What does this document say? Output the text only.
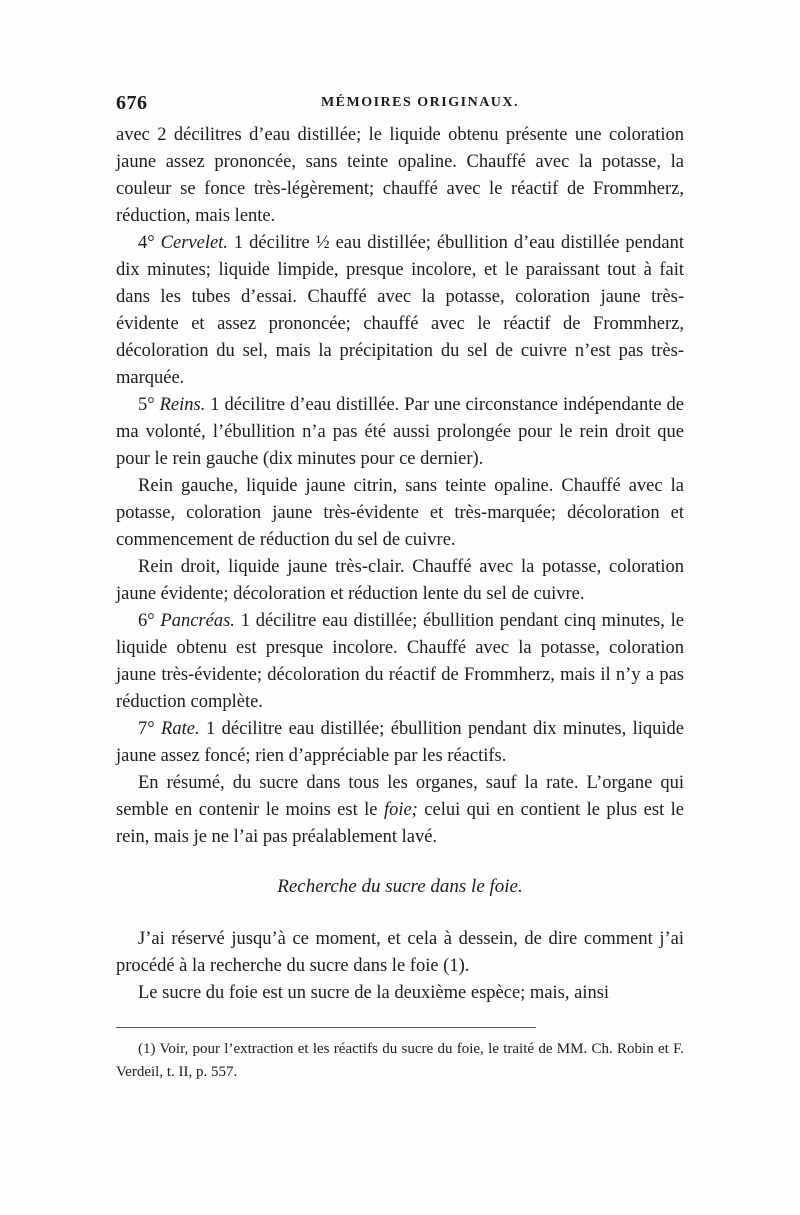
676	MÉMOIRES ORIGINAUX.

avec 2 décilitres d’eau distillée; le liquide obtenu présente une coloration jaune assez prononcée, sans teinte opaline. Chauffé avec la potasse, la couleur se fonce très-légèrement; chauffé avec le réactif de Frommherz, réduction, mais lente.

4° Cervelet. 1 décilitre ½ eau distillée; ébullition d’eau distillée pendant dix minutes; liquide limpide, presque incolore, et le paraissant tout à fait dans les tubes d’essai. Chauffé avec la potasse, coloration jaune très-évidente et assez prononcée; chauffé avec le réactif de Frommherz, décoloration du sel, mais la précipitation du sel de cuivre n’est pas très-marquée.

5° Reins. 1 décilitre d’eau distillée. Par une circonstance indépendante de ma volonté, l’ébullition n’a pas été aussi prolongée pour le rein droit que pour le rein gauche (dix minutes pour ce dernier).

Rein gauche, liquide jaune citrin, sans teinte opaline. Chauffé avec la potasse, coloration jaune très-évidente et très-marquée; décoloration et commencement de réduction du sel de cuivre.

Rein droit, liquide jaune très-clair. Chauffé avec la potasse, coloration jaune évidente; décoloration et réduction lente du sel de cuivre.

6° Pancréas. 1 décilitre eau distillée; ébullition pendant cinq minutes, le liquide obtenu est presque incolore. Chauffé avec la potasse, coloration jaune très-évidente; décoloration du réactif de Frommherz, mais il n’y a pas réduction complète.

7° Rate. 1 décilitre eau distillée; ébullition pendant dix minutes, liquide jaune assez foncé; rien d’appréciable par les réactifs.

En résumé, du sucre dans tous les organes, sauf la rate. L’organe qui semble en contenir le moins est le foie; celui qui en contient le plus est le rein, mais je ne l’ai pas préalablement lavé.

Recherche du sucre dans le foie.

J’ai réservé jusqu’à ce moment, et cela à dessein, de dire comment j’ai procédé à la recherche du sucre dans le foie (1).

Le sucre du foie est un sucre de la deuxième espèce; mais, ainsi

(1) Voir, pour l’extraction et les réactifs du sucre du foie, le traité de MM. Ch. Robin et F. Verdeil, t. II, p. 557.
